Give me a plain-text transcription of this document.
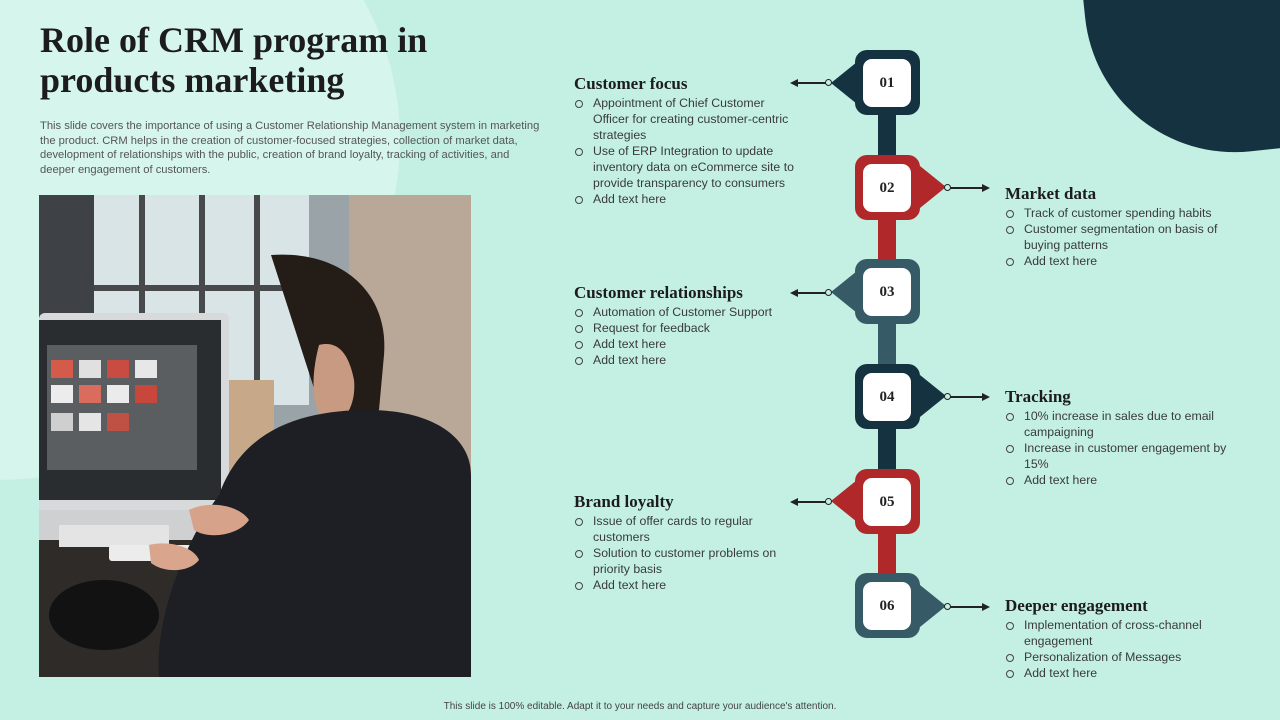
Role of CRM program in products marketing

This slide covers the importance of using a Customer Relationship Management system in marketing the product. CRM helps in the creation of customer-focused strategies, collection of market data, development of relationships with the public, creation of brand loyalty, tracking of activities, and deeper engagement of customers.

01
Customer focus
Appointment of Chief Customer Officer for creating customer-centric strategies
Use of ERP Integration to update inventory data on eCommerce site to provide transparency to consumers
Add text here
02	Market data
Track of customer spending habits
Customer segmentation on basis of buying patterns
Add text here
03
Customer relationships
Automation of Customer Support
Request for feedback
Add text here
Add text here
04	Tracking
10% increase in sales due to email campaigning
Increase in customer engagement by 15%
Add text here
05
Brand loyalty
Issue of offer cards to regular customers
Solution to customer problems on priority basis
Add text here
06	Deeper engagement
Implementation of cross-channel engagement
Personalization of Messages
Add text here
This slide is 100% editable. Adapt it to your needs and capture your audience's attention.
